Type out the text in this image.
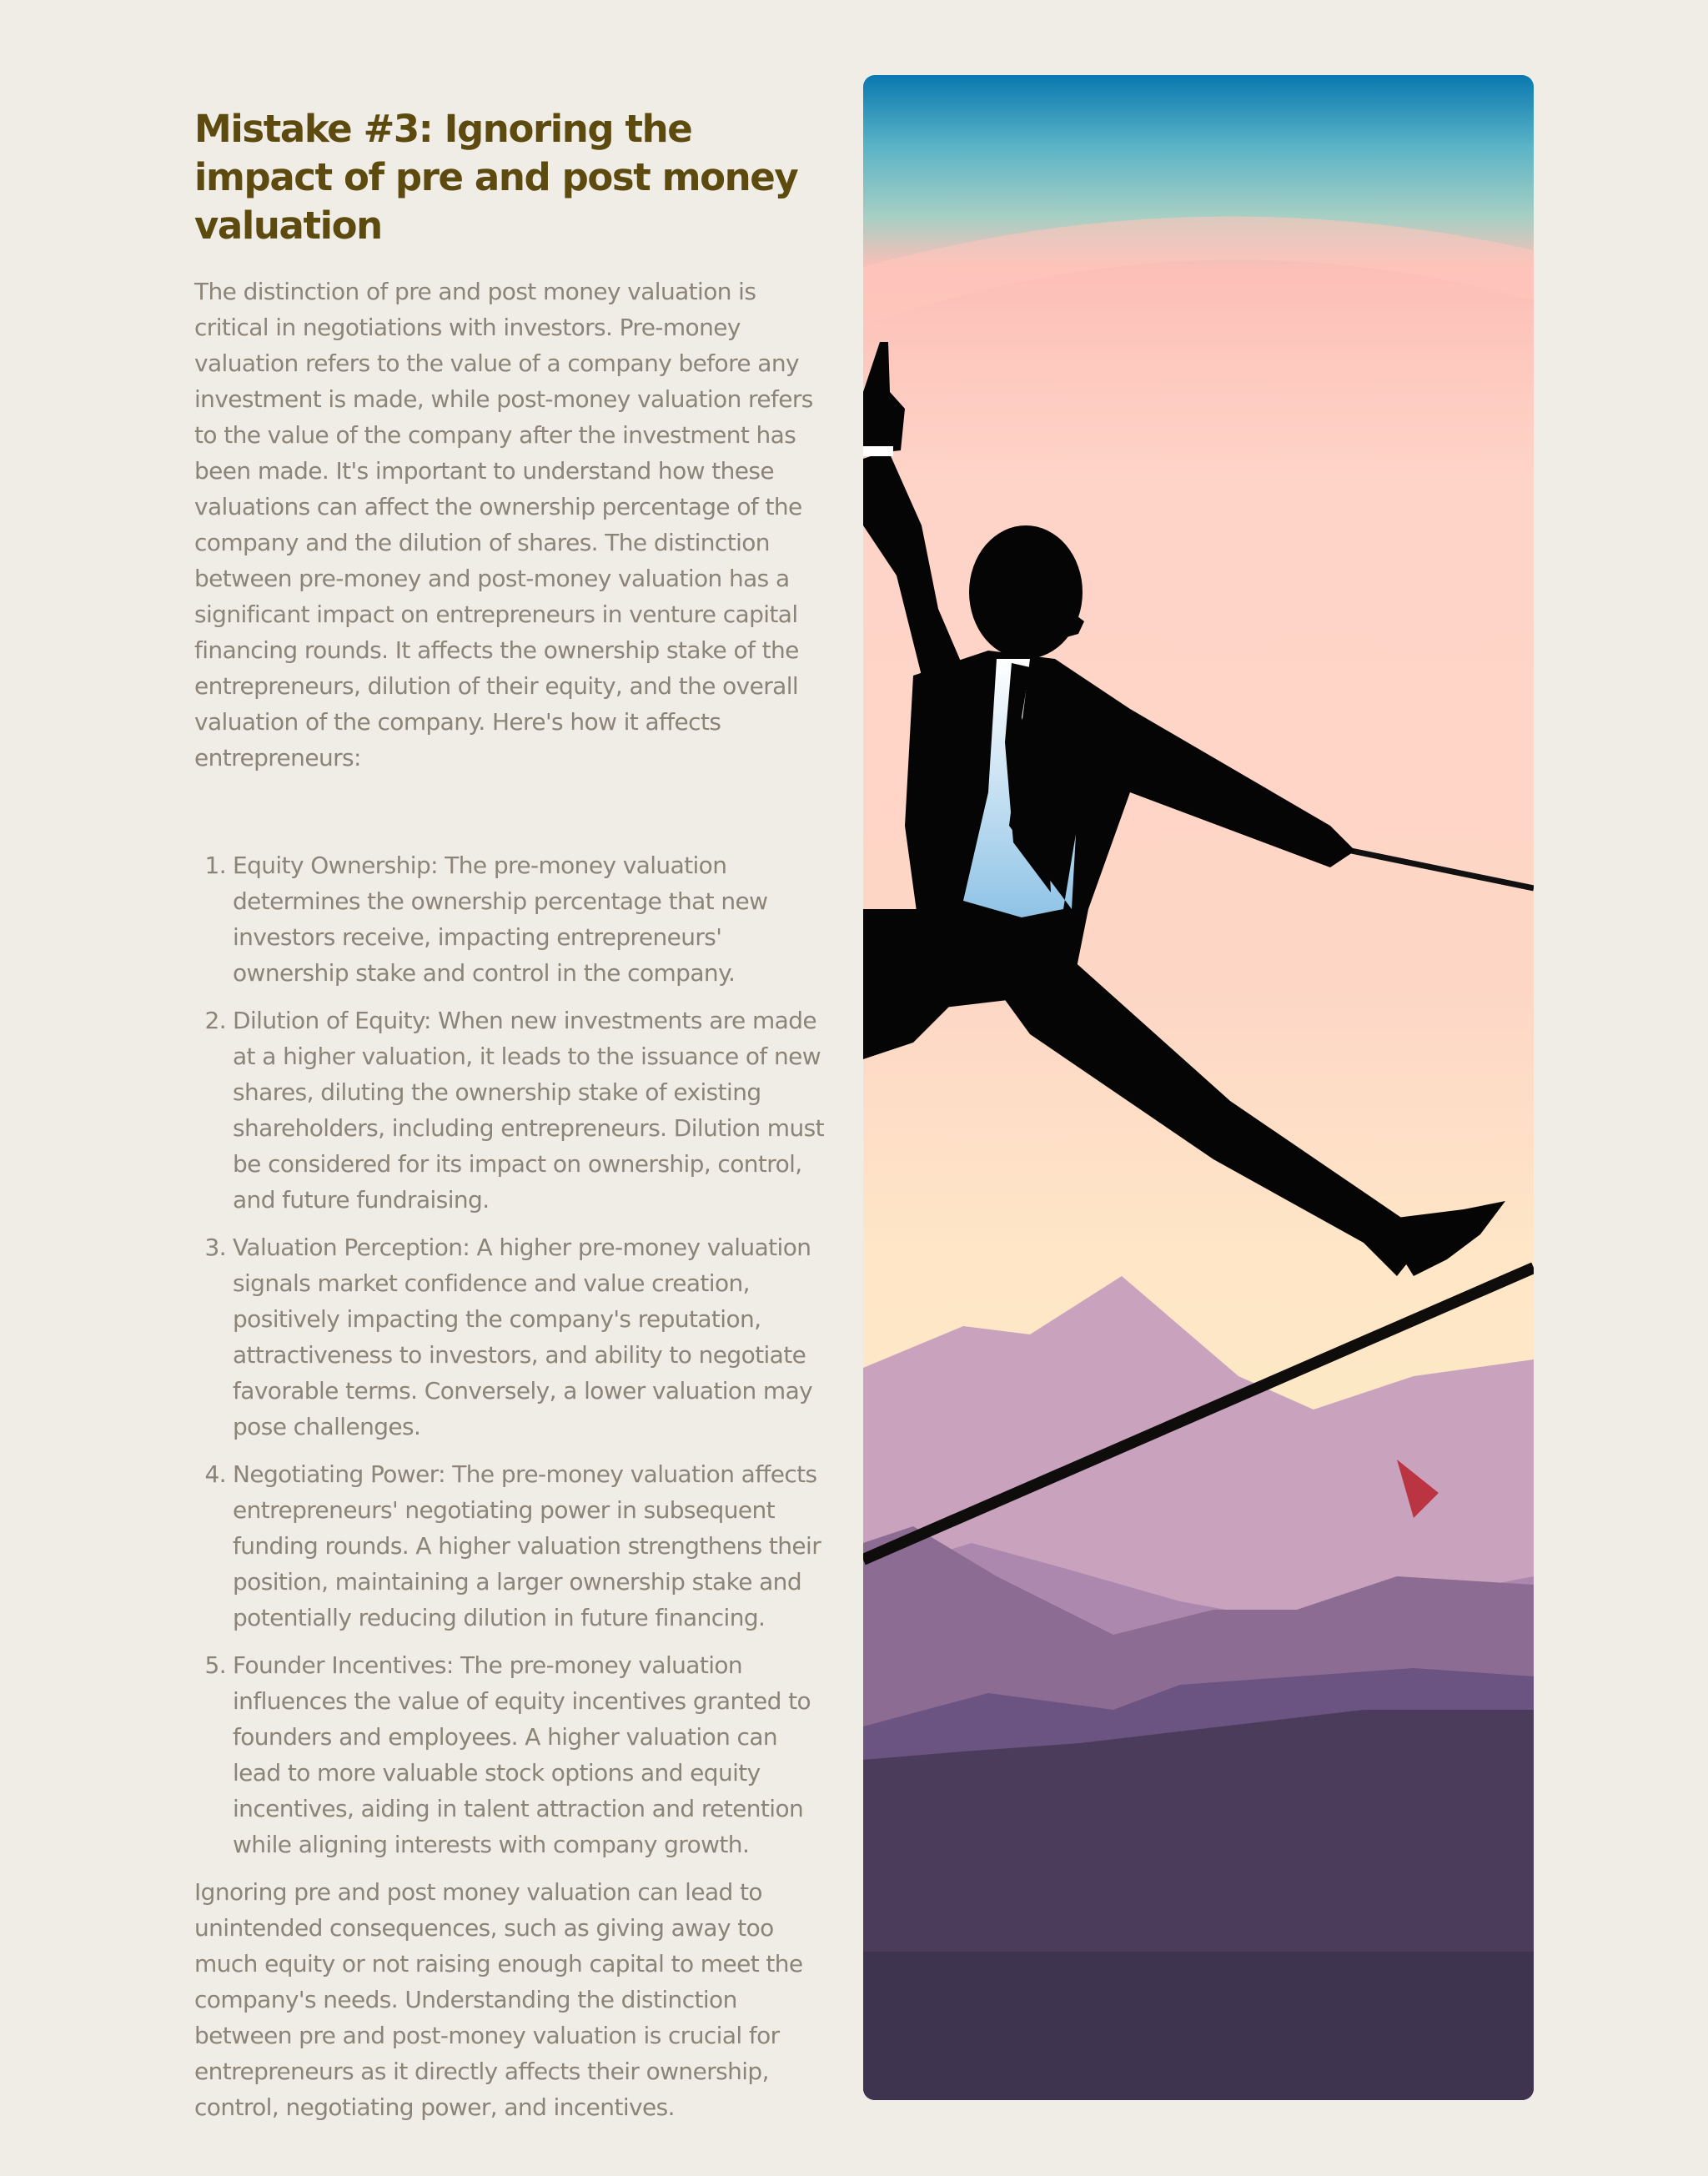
Mistake #3: Ignoring the impact of pre and post money valuation

The distinction of pre and post money valuation is critical in negotiations with investors. Pre-money valuation refers to the value of a company before any investment is made, while post-money valuation refers to the value of the company after the investment has been made. It's important to understand how these valuations can affect the ownership percentage of the company and the dilution of shares. The distinction between pre-money and post-money valuation has a significant impact on entrepreneurs in venture capital financing rounds. It affects the ownership stake of the entrepreneurs, dilution of their equity, and the overall valuation of the company. Here's how it affects entrepreneurs:

1. Equity Ownership: The pre-money valuation determines the ownership percentage that new investors receive, impacting entrepreneurs' ownership stake and control in the company.
2. Dilution of Equity: When new investments are made at a higher valuation, it leads to the issuance of new shares, diluting the ownership stake of existing shareholders, including entrepreneurs. Dilution must be considered for its impact on ownership, control, and future fundraising.
3. Valuation Perception: A higher pre-money valuation signals market confidence and value creation, positively impacting the company's reputation, attractiveness to investors, and ability to negotiate favorable terms. Conversely, a lower valuation may pose challenges.
4. Negotiating Power: The pre-money valuation affects entrepreneurs' negotiating power in subsequent funding rounds. A higher valuation strengthens their position, maintaining a larger ownership stake and potentially reducing dilution in future financing.
5. Founder Incentives: The pre-money valuation influences the value of equity incentives granted to founders and employees. A higher valuation can lead to more valuable stock options and equity incentives, aiding in talent attraction and retention while aligning interests with company growth.

Ignoring pre and post money valuation can lead to unintended consequences, such as giving away too much equity or not raising enough capital to meet the company's needs. Understanding the distinction between pre and post-money valuation is crucial for entrepreneurs as it directly affects their ownership, control, negotiating power, and incentives.
